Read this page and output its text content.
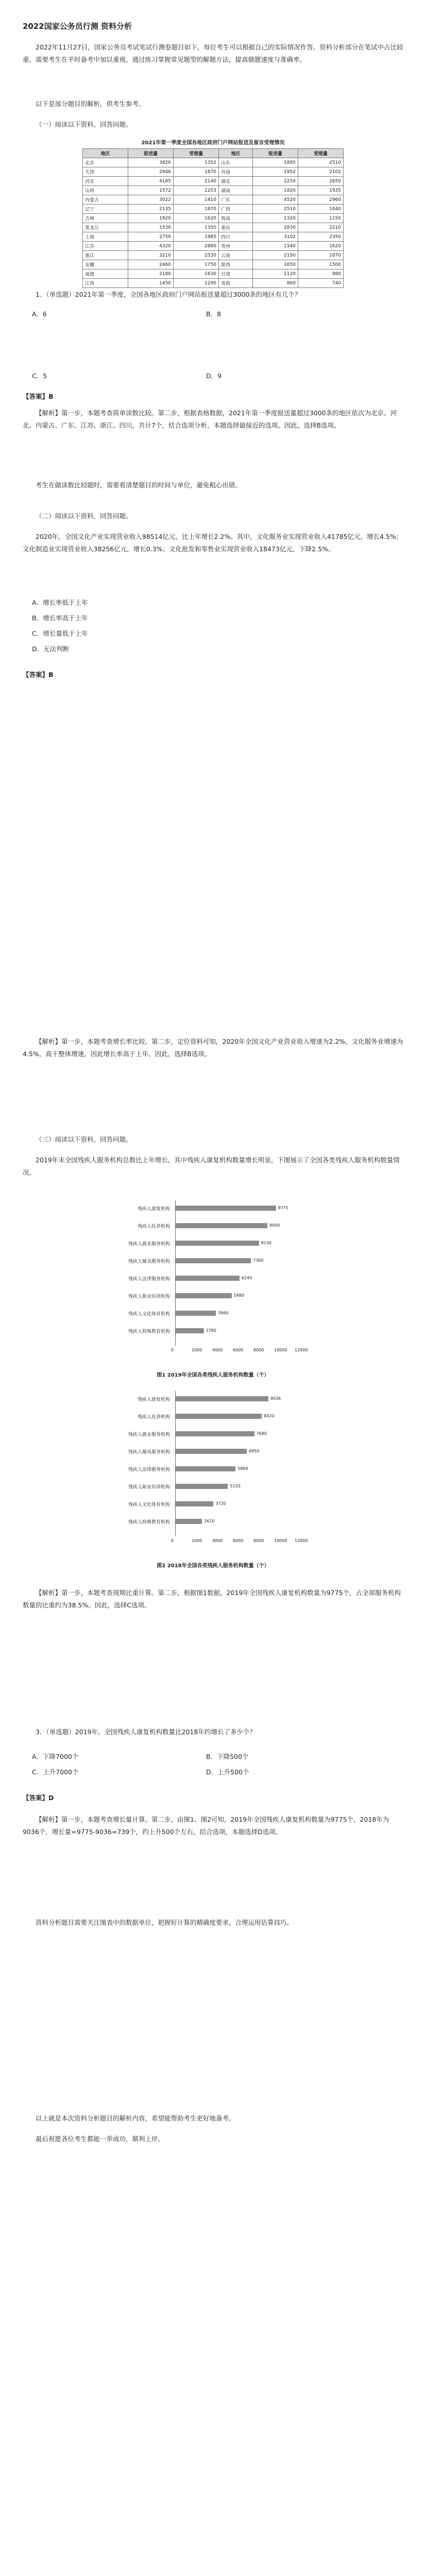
2022国家公务员行测 资料分析
2022年11月27日，国家公务员考试笔试行测卷题目如下，每位考生可以根据自己的实际情况作答。资料分析部分在笔试中占比较重，需要考生在平时备考中加以重视，通过练习掌握常见题型的解题方法，提高做题速度与准确率。
以下是部分题目的解析，供考生参考。
（一）阅读以下资料，回答问题。
2021年第一季度全国各地区政府门户网站报送及留言受理情况
地区	报送量	受理量	地区	报送量	受理量
北京	3820	1352	山东	1895	2510
天津	2946	1870	河南	1952	2102
河北	4185	2140	湖北	2250	2650
山西	1572	1203	湖南	1820	1935
内蒙古	3022	1410	广东	4520	2960
辽宁	2135	1870	广西	2510	1840
吉林	1920	1620	海南	1320	1150
黑龙江	1530	1350	重庆	2830	2210
上海	2750	1985	四川	3102	2350
江苏	4320	2880	贵州	1540	1620
浙江	3210	2530	云南	2150	1870
安徽	2460	1750	陕西	1650	1500
福建	2180	1630	甘肃	1120	980
江西	1450	1290	青海	860	740
1．（单选题）2021年第一季度，全国各地区政府门户网站报送量超过3000条的地区有几个？
A．6	B．8
C．5	D．9
【答案】B
【解析】第一步，本题考查简单读数比较。第二步，根据表格数据，2021年第一季度报送量超过3000条的地区依次为北京、河北、内蒙古、广东、江苏、浙江、四川，共计7个，结合选项分析，本题选择最接近的选项。因此，选择B选项。
考生在做读数比较题时，需要看清楚题目的时间与单位，避免粗心出错。
（二）阅读以下资料，回答问题。
2020年，全国文化产业实现营业收入98514亿元，比上年增长2.2%。其中，文化服务业实现营业收入41785亿元，增长4.5%；文化制造业实现营业收入38256亿元，增长0.3%；文化批发和零售业实现营业收入18473亿元，下降2.5%。
A．增长率低于上年
B．增长率高于上年
C．增长量低于上年
D．无法判断
【答案】B
【解析】第一步，本题考查增长率比较。第二步，定位资料可知，2020年全国文化产业营业收入增速为2.2%，文化服务业增速为4.5%，高于整体增速，因此增长率高于上年。因此，选择B选项。
（三）阅读以下资料，回答问题。
2019年末全国残疾人服务机构总数比上年增长，其中残疾人康复机构数量增长明显，下图展示了全国各类残疾人服务机构数量情况。
残疾人康复机构	9775
残疾人托养机构	8950
残疾人就业服务机构	8130
残疾人辅具服务机构	7360
残疾人法律服务机构	6240
残疾人职业培训机构	5480
残疾人文化体育机构	3960
残疾人特殊教育机构	2780
0	2000 4000 6000 8000 10000 12000
图1 2019年全国各类残疾人服务机构数量（个）
残疾人康复机构	9036
残疾人托养机构	8420
残疾人就业服务机构	7680
残疾人辅具服务机构	6950
残疾人法律服务机构	5860
残疾人职业培训机构	5120
残疾人文化体育机构	3720
残疾人特殊教育机构	2610
0	2000 4000 6000 8000 10000 12000
图2 2018年全国各类残疾人服务机构数量（个）
【解析】第一步，本题考查现期比重计算。第二步，根据图1数据，2019年全国残疾人康复机构数量为9775个，占全部服务机构数量的比重约为38.5%。因此，选择C选项。
3．（单选题）2019年，全国残疾人康复机构数量比2018年约增长了多少个？
A．下降7000个	B．下降500个
C．上升7000个	D．上升500个
【答案】D
【解析】第一步，本题考查增长量计算。第二步，由图1、图2可知，2019年全国残疾人康复机构数量为9775个，2018年为9036个，增长量=9775-9036=739个，约上升500个左右，结合选项，本题选择D选项。
资料分析题目需要关注图表中的数据单位，把握好计算的精确度要求，合理运用估算技巧。
以上就是本次资料分析题目的解析内容，希望能帮助考生更好地备考。
最后祝愿各位考生都能一举成功，顺利上岸。
